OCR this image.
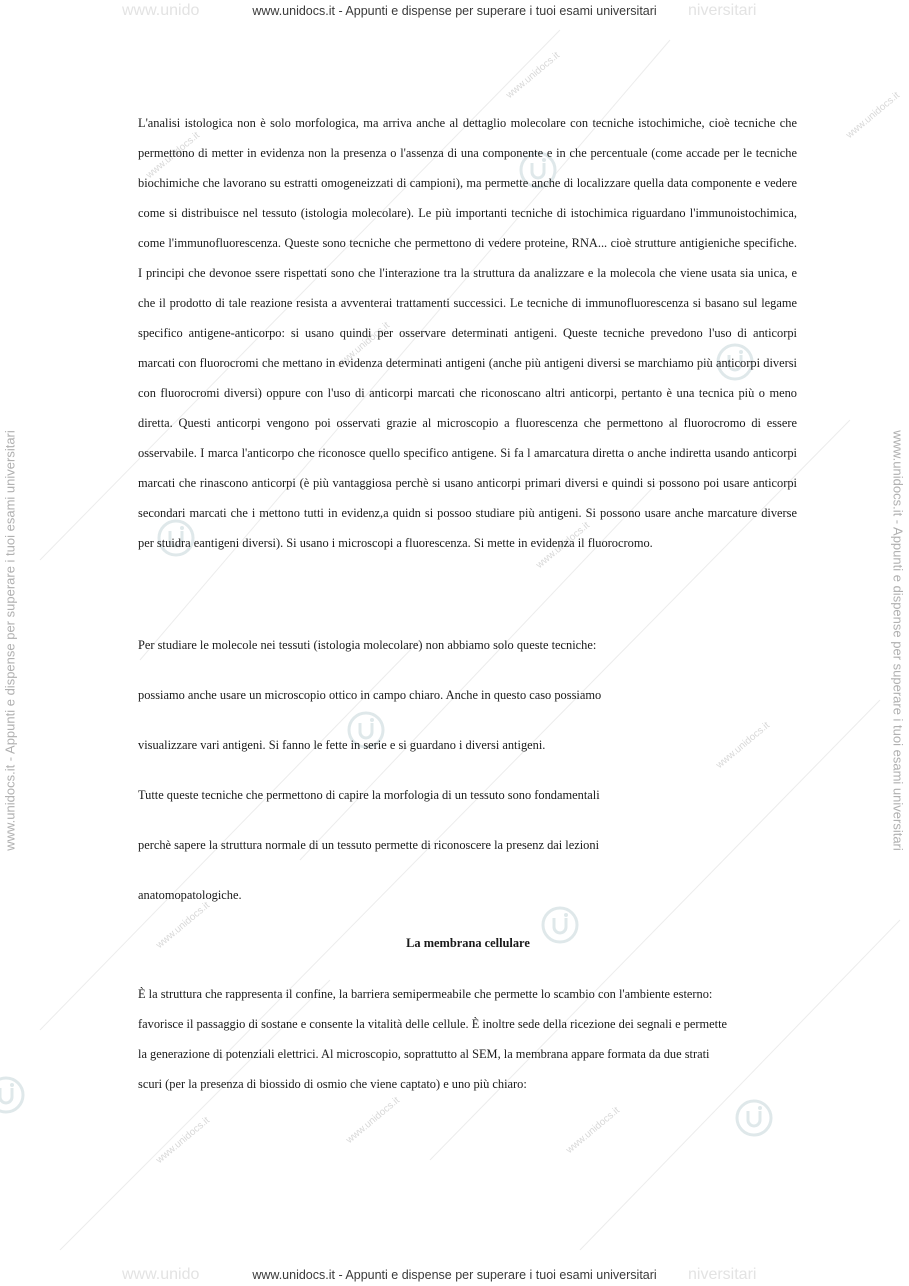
www.unidocs.it
www.unidocs.it
www.unidocs.it
www.unidocs.it
www.unidocs.it
www.unidocs.it
www.unidocs.it
www.unidocs.it	www.unidocs.it
www.unidocs.it
www.unidocs.it - Appunti e dispense per superare i tuoi esami universitari	www.unidocs.it - Appunti e dispense per superare i tuoi esami universitari
www.unido	niversitari
www.unidocs.it - Appunti e dispense per superare i tuoi esami universitari
www.unido	niversitari
www.unidocs.it - Appunti e dispense per superare i tuoi esami universitari
L'analisi istologica non è solo morfologica, ma arriva anche al dettaglio molecolare con tecniche istochimiche, cioè tecniche che permettono di metter in evidenza non la presenza o l'assenza di una componente e in che percentuale (come accade per le tecniche biochimiche che lavorano su estratti omogeneizzati di campioni), ma permette anche di localizzare quella data componente e vedere come si distribuisce nel tessuto (istologia molecolare). Le più importanti tecniche di istochimica riguardano l'immunoistochimica, come l'immunofluorescenza. Queste sono tecniche che permettono di vedere proteine, RNA... cioè strutture antigieniche specifiche. I principi che devonoe ssere rispettati sono che l'interazione tra la struttura da analizzare e la molecola che viene usata sia unica, e che il prodotto di tale reazione resista a avventerai trattamenti successici. Le tecniche di immunofluorescenza si basano sul legame specifico antigene-anticorpo: si usano quindi per osservare determinati antigeni. Queste tecniche prevedono l'uso di anticorpi marcati con fluorocromi che mettano in evidenza determinati antigeni (anche più antigeni diversi se marchiamo più anticorpi diversi con fluorocromi diversi) oppure con l'uso di anticorpi marcati che riconoscano altri anticorpi, pertanto è una tecnica più o meno diretta. Questi anticorpi vengono poi osservati grazie al microscopio a fluorescenza che permettono al fluorocromo di essere osservabile. I marca l'anticorpo che riconosce quello specifico antigene. Si fa l amarcatura diretta o anche indiretta usando anticorpi marcati che rinascono anticorpi (è più vantaggiosa perchè si usano anticorpi primari diversi e quindi si possono poi usare anticorpi secondari marcati che i mettono tutti in evidenz,a quidn si possoo studiare più antigeni. Si possono usare anche marcature diverse per stuidra eantigeni diversi). Si usano i microscopi a fluorescenza. Si mette in evidenza il fluorocromo.
Per studiare le molecole nei tessuti (istologia molecolare) non abbiamo solo queste tecniche:
possiamo anche usare un microscopio ottico in campo chiaro. Anche in questo caso possiamo
visualizzare vari antigeni. Si fanno le fette in serie e si guardano i diversi antigeni.
Tutte queste tecniche che permettono di capire la morfologia di un tessuto sono fondamentali
perchè sapere la struttura normale di un tessuto permette di riconoscere la presenz dai lezioni
anatomopatologiche.
La membrana cellulare
È la struttura che rappresenta il confine, la barriera semipermeabile che permette lo scambio con l'ambiente esterno:
favorisce il passaggio di sostane e consente la vitalità delle cellule. È inoltre sede della ricezione dei segnali e permette
la generazione di potenziali elettrici. Al microscopio, soprattutto al SEM, la membrana appare formata da due strati
scuri (per la presenza di biossido di osmio che viene captato) e uno più chiaro:
